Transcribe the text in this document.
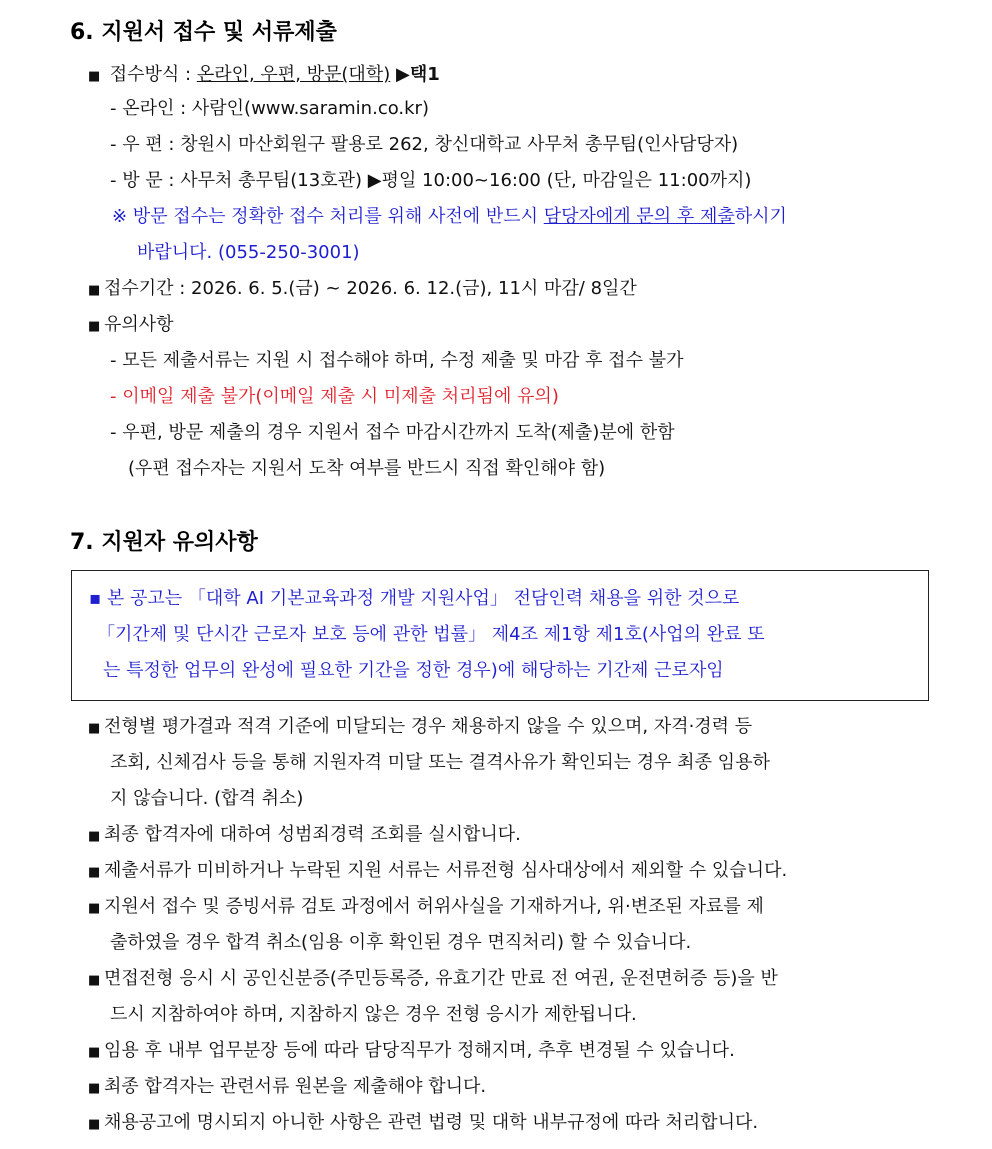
6. 지원서 접수 및 서류제출
■ 접수방식 : 온라인, 우편, 방문(대학) ▶택1
- 온라인 : 사람인(www.saramin.co.kr)
- 우 편 : 창원시 마산회원구 팔용로 262, 창신대학교 사무처 총무팀(인사담당자)
- 방 문 : 사무처 총무팀(13호관) ▶평일 10:00~16:00 (단, 마감일은 11:00까지)
※ 방문 접수는 정확한 접수 처리를 위해 사전에 반드시 담당자에게 문의 후 제출하시기
바랍니다. (055-250-3001)
■ 접수기간 : 2026. 6. 5.(금) ~ 2026. 6. 12.(금), 11시 마감/ 8일간
■ 유의사항
- 모든 제출서류는 지원 시 접수해야 하며, 수정 제출 및 마감 후 접수 불가
- 이메일 제출 불가(이메일 제출 시 미제출 처리됨에 유의)
- 우편, 방문 제출의 경우 지원서 접수 마감시간까지 도착(제출)분에 한함
(우편 접수자는 지원서 도착 여부를 반드시 직접 확인해야 함)
7. 지원자 유의사항
▪ 본 공고는 「대학 AI 기본교육과정 개발 지원사업」 전담인력 채용을 위한 것으로
「기간제 및 단시간 근로자 보호 등에 관한 법률」 제4조 제1항 제1호(사업의 완료 또
는 특정한 업무의 완성에 필요한 기간을 정한 경우)에 해당하는 기간제 근로자임
■ 전형별 평가결과 적격 기준에 미달되는 경우 채용하지 않을 수 있으며, 자격·경력 등
조회, 신체검사 등을 통해 지원자격 미달 또는 결격사유가 확인되는 경우 최종 임용하
지 않습니다. (합격 취소)
■ 최종 합격자에 대하여 성범죄경력 조회를 실시합니다.
■ 제출서류가 미비하거나 누락된 지원 서류는 서류전형 심사대상에서 제외할 수 있습니다.
■ 지원서 접수 및 증빙서류 검토 과정에서 허위사실을 기재하거나, 위·변조된 자료를 제
출하였을 경우 합격 취소(임용 이후 확인된 경우 면직처리) 할 수 있습니다.
■ 면접전형 응시 시 공인신분증(주민등록증, 유효기간 만료 전 여권, 운전면허증 등)을 반
드시 지참하여야 하며, 지참하지 않은 경우 전형 응시가 제한됩니다.
■ 임용 후 내부 업무분장 등에 따라 담당직무가 정해지며, 추후 변경될 수 있습니다.
■ 최종 합격자는 관련서류 원본을 제출해야 합니다.
■ 채용공고에 명시되지 아니한 사항은 관련 법령 및 대학 내부규정에 따라 처리합니다.
